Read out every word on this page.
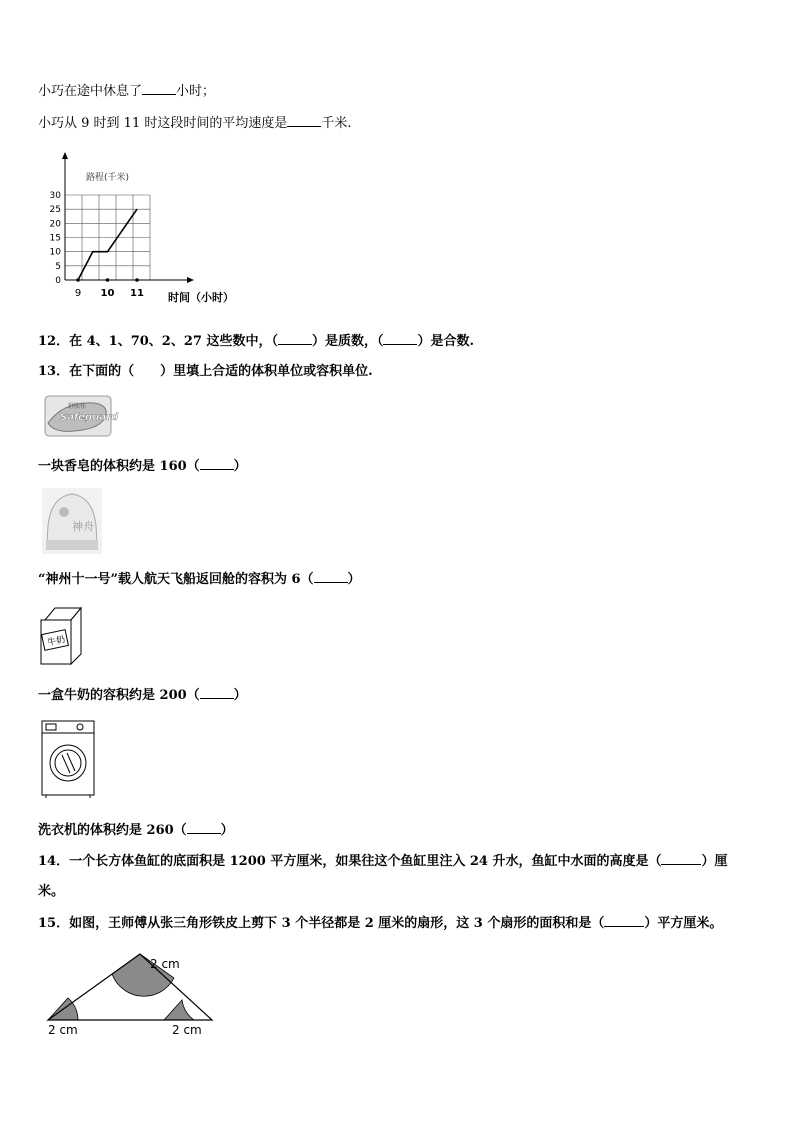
小巧在途中休息了	小时；
小巧从 9 时到 11 时这段时间的平均速度是	千米.
路程(千米)
时间（小时）
0
5
10
15
20
25
30
9 10 11
12．在 4、1、70、2、27 这些数中，（	）是质数，（	）是合数.
13．在下面的（　　）里填上合适的体积单位或容积单位.
Safeguard
舒肤佳
一块香皂的体积约是 160（	）
神舟
“神州十一号”载人航天飞船返回舱的容积为 6（	）
牛奶
一盒牛奶的容积约是 200（	）
洗衣机的体积约是 260（	）
14．一个长方体鱼缸的底面积是 1200 平方厘米，如果往这个鱼缸里注入 24 升水，鱼缸中水面的高度是（	）厘
米。
15．如图，王师傅从张三角形铁皮上剪下 3 个半径都是 2 厘米的扇形，这 3 个扇形的面积和是（	）平方厘米。
2 cm
2 cm	2 cm
